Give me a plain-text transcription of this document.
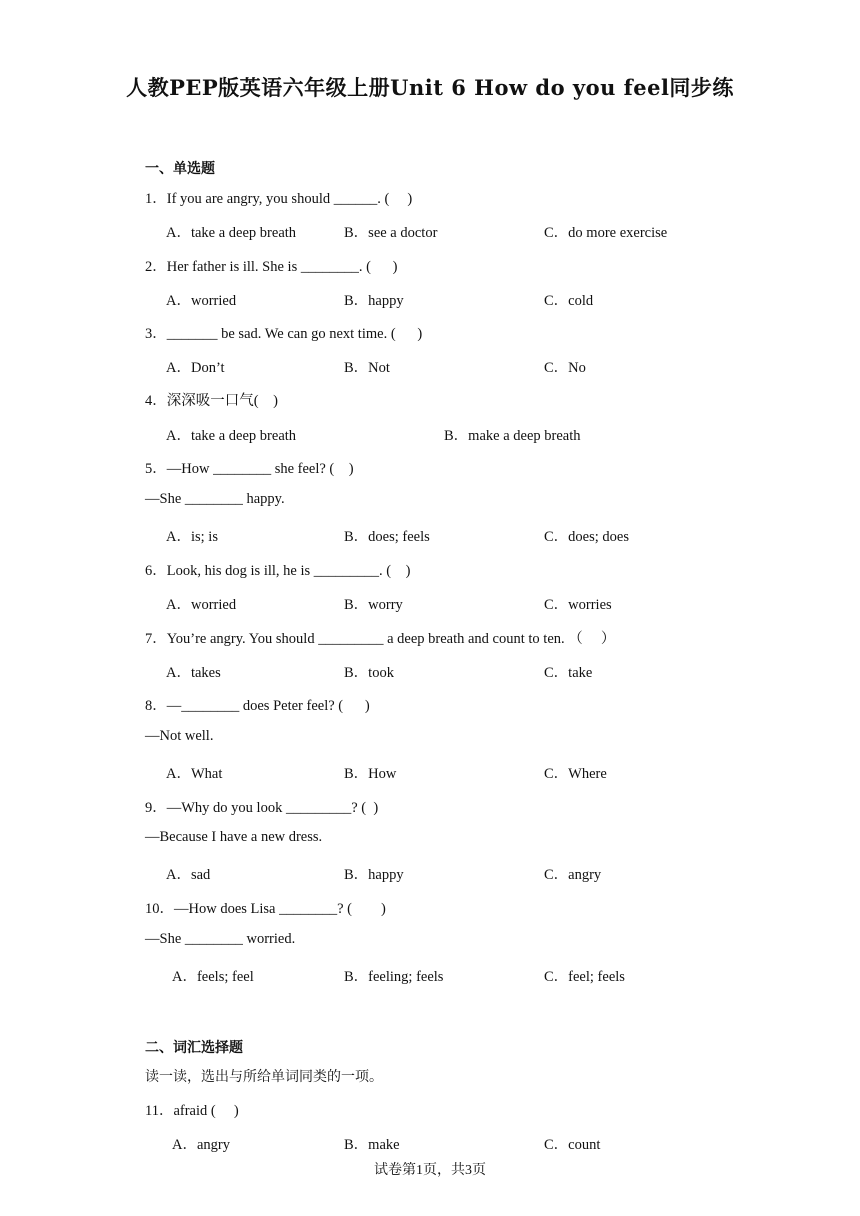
人教PEP版英语六年级上册Unit 6 How do you feel同步练
一、单选题
1．If you are angry, you should ______. (     )
A．take a deep breath	B．see a doctor	C．do more exercise
2．Her father is ill. She is ________. (      )
A．worried	B．happy	C．cold
3．_______ be sad. We can go next time. (      )
A．Don’t	B．Not	C．No
4．深深吸一口气(    )
A．take a deep breath	B．make a deep breath
5．—How ________ she feel? (    )
—She ________ happy.
A．is; is	B．does; feels	C．does; does
6．Look, his dog is ill, he is _________. (    )
A．worried	B．worry	C．worries
7．You’re angry. You should _________ a deep breath and count to ten. （     ）
A．takes	B．took	C．take
8．—________ does Peter feel? (      )
—Not well.
A．What	B．How	C．Where
9．—Why do you look _________? (  )
—Because I have a new dress.
A．sad	B．happy	C．angry
10．—How does Lisa ________? (        )
—She ________ worried.
A．feels; feel	B．feeling; feels	C．feel; feels
二、词汇选择题
读一读，选出与所给单词同类的一项。
11．afraid (     )
A．angry	B．make	C．count
试卷第1页，共3页
